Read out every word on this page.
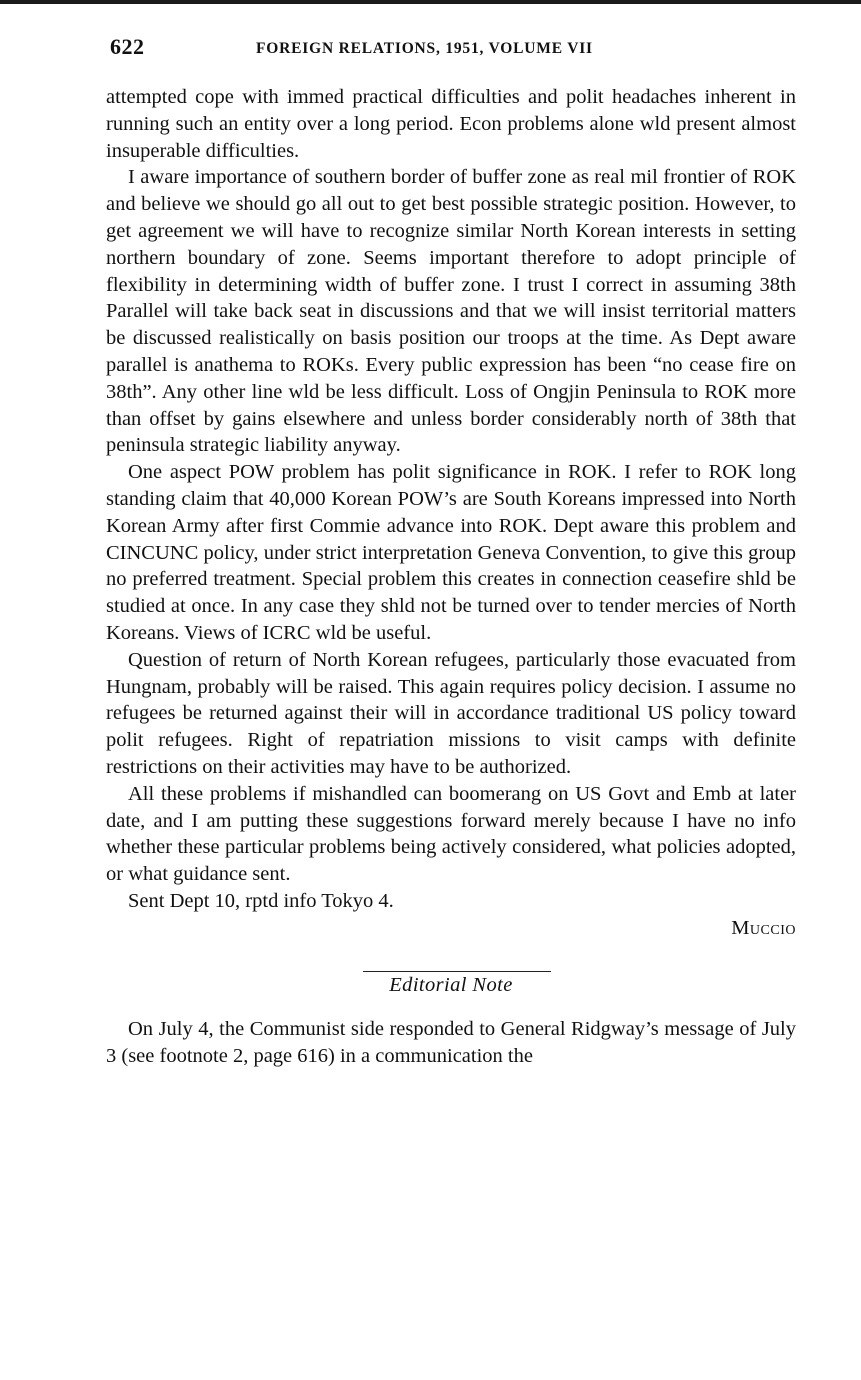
622	FOREIGN RELATIONS, 1951, VOLUME VII

attempted cope with immed practical difficulties and polit headaches inherent in running such an entity over a long period. Econ problems alone wld present almost insuperable difficulties.

I aware importance of southern border of buffer zone as real mil frontier of ROK and believe we should go all out to get best possible strategic position. However, to get agreement we will have to recognize similar North Korean interests in setting northern boundary of zone. Seems important therefore to adopt principle of flexibility in determining width of buffer zone. I trust I correct in assuming 38th Parallel will take back seat in discussions and that we will insist territorial matters be discussed realistically on basis position our troops at the time. As Dept aware parallel is anathema to ROKs. Every public expression has been “no cease fire on 38th”. Any other line wld be less difficult. Loss of Ongjin Peninsula to ROK more than offset by gains elsewhere and unless border considerably north of 38th that peninsula strategic liability anyway.

One aspect POW problem has polit significance in ROK. I refer to ROK long standing claim that 40,000 Korean POW’s are South Koreans impressed into North Korean Army after first Commie advance into ROK. Dept aware this problem and CINCUNC policy, under strict interpretation Geneva Convention, to give this group no preferred treatment. Special problem this creates in connection ceasefire shld be studied at once. In any case they shld not be turned over to tender mercies of North Koreans. Views of ICRC wld be useful.

Question of return of North Korean refugees, particularly those evacuated from Hungnam, probably will be raised. This again requires policy decision. I assume no refugees be returned against their will in accordance traditional US policy toward polit refugees. Right of repatriation missions to visit camps with definite restrictions on their activities may have to be authorized.

All these problems if mishandled can boomerang on US Govt and Emb at later date, and I am putting these suggestions forward merely because I have no info whether these particular problems being actively considered, what policies adopted, or what guidance sent.

Sent Dept 10, rptd info Tokyo 4.

Muccio

Editorial Note

On July 4, the Communist side responded to General Ridgway’s message of July 3 (see footnote 2, page 616) in a communication the
